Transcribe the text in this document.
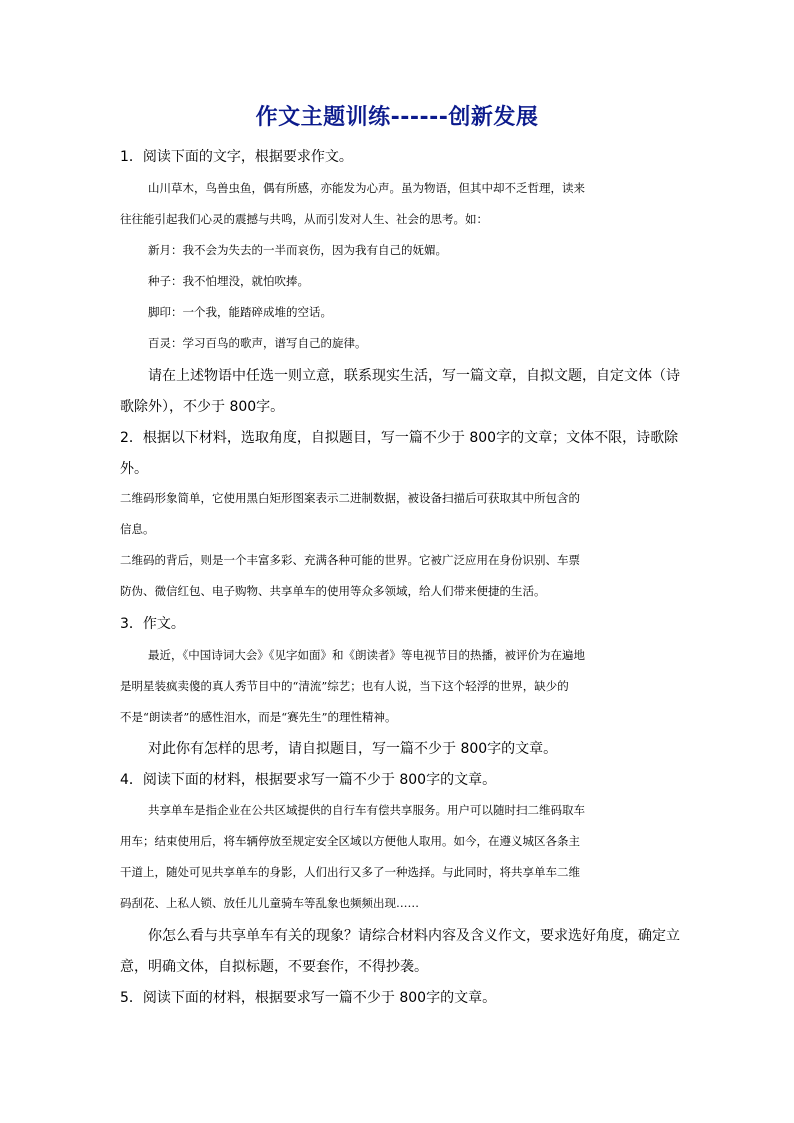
作文主题训练------创新发展
1．阅读下面的文字，根据要求作文。
山川草木，鸟兽虫鱼，偶有所感，亦能发为心声。虽为物语，但其中却不乏哲理，读来
往往能引起我们心灵的震撼与共鸣，从而引发对人生、社会的思考。如：
新月：我不会为失去的一半而哀伤，因为我有自己的妩媚。
种子：我不怕埋没，就怕吹捧。
脚印：一个我，能踏碎成堆的空话。
百灵：学习百鸟的歌声，谱写自己的旋律。
请在上述物语中任选一则立意，联系现实生活，写一篇文章，自拟文题，自定文体（诗
歌除外），不少于 800字。
2．根据以下材料，选取角度，自拟题目，写一篇不少于 800字的文章；文体不限，诗歌除
外。
二维码形象简单，它使用黑白矩形图案表示二进制数据，被设备扫描后可获取其中所包含的
信息。
二维码的背后，则是一个丰富多彩、充满各种可能的世界。它被广泛应用在身份识别、车票
防伪、微信红包、电子购物、共享单车的使用等众多领域，给人们带来便捷的生活。
3．作文。
最近，《中国诗词大会》《见字如面》和《朗读者》等电视节目的热播，被评价为在遍地
是明星装疯卖傻的真人秀节目中的“清流”综艺；也有人说，当下这个轻浮的世界，缺少的
不是“朗读者”的感性泪水，而是“赛先生”的理性精神。
对此你有怎样的思考，请自拟题目，写一篇不少于 800字的文章。
4．阅读下面的材料，根据要求写一篇不少于 800字的文章。
共享单车是指企业在公共区域提供的自行车有偿共享服务。用户可以随时扫二维码取车
用车；结束使用后，将车辆停放至规定安全区域以方便他人取用。如今，在遵义城区各条主
干道上，随处可见共享单车的身影，人们出行又多了一种选择。与此同时，将共享单车二维
码刮花、上私人锁、放任儿儿童骑车等乱象也频频出现……
你怎么看与共享单车有关的现象？请综合材料内容及含义作文，要求选好角度，确定立
意，明确文体，自拟标题，不要套作，不得抄袭。
5．阅读下面的材料，根据要求写一篇不少于 800字的文章。
